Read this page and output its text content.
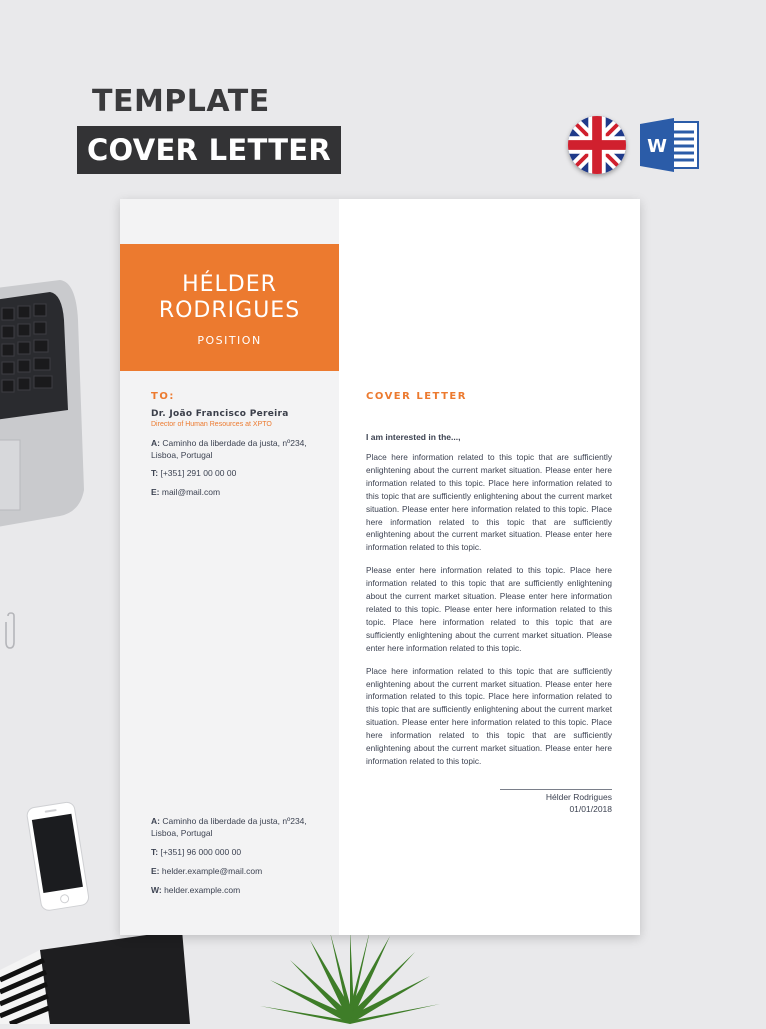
TEMPLATE
COVER LETTER	W
HÉLDER
RODRIGUES
POSITION
TO:
Dr. João Francisco Pereira
Director of Human Resources at XPTO
A: Caminho da liberdade da justa, nº234, Lisboa, Portugal
T: [+351] 291 00 00 00
E: mail@mail.com
A: Caminho da liberdade da justa, nº234, Lisboa, Portugal
T: [+351] 96 000 000 00
E: helder.example@mail.com
W: helder.example.com
COVER LETTER
I am interested in the...,

Place here information related to this topic that are sufficiently enlightening about the current market situation. Please enter here information related to this topic. Place here information related to this topic that are sufficiently enlightening about the current market situation. Please enter here information related to this topic. Place here information related to this topic that are sufficiently enlightening about the current market situation. Please enter here information related to this topic.

Please enter here information related to this topic. Place here information related to this topic that are sufficiently enlightening about the current market situation. Please enter here information related to this topic. Please enter here information related to this topic. Place here information related to this topic that are sufficiently enlightening about the current market situation. Please enter here information related to this topic.

Place here information related to this topic that are sufficiently enlightening about the current market situation. Please enter here information related to this topic. Place here information related to this topic that are sufficiently enlightening about the current market situation. Please enter here information related to this topic. Place here information related to this topic that are sufficiently enlightening about the current market situation. Please enter here information related to this topic.

Hélder Rodrigues
01/01/2018
